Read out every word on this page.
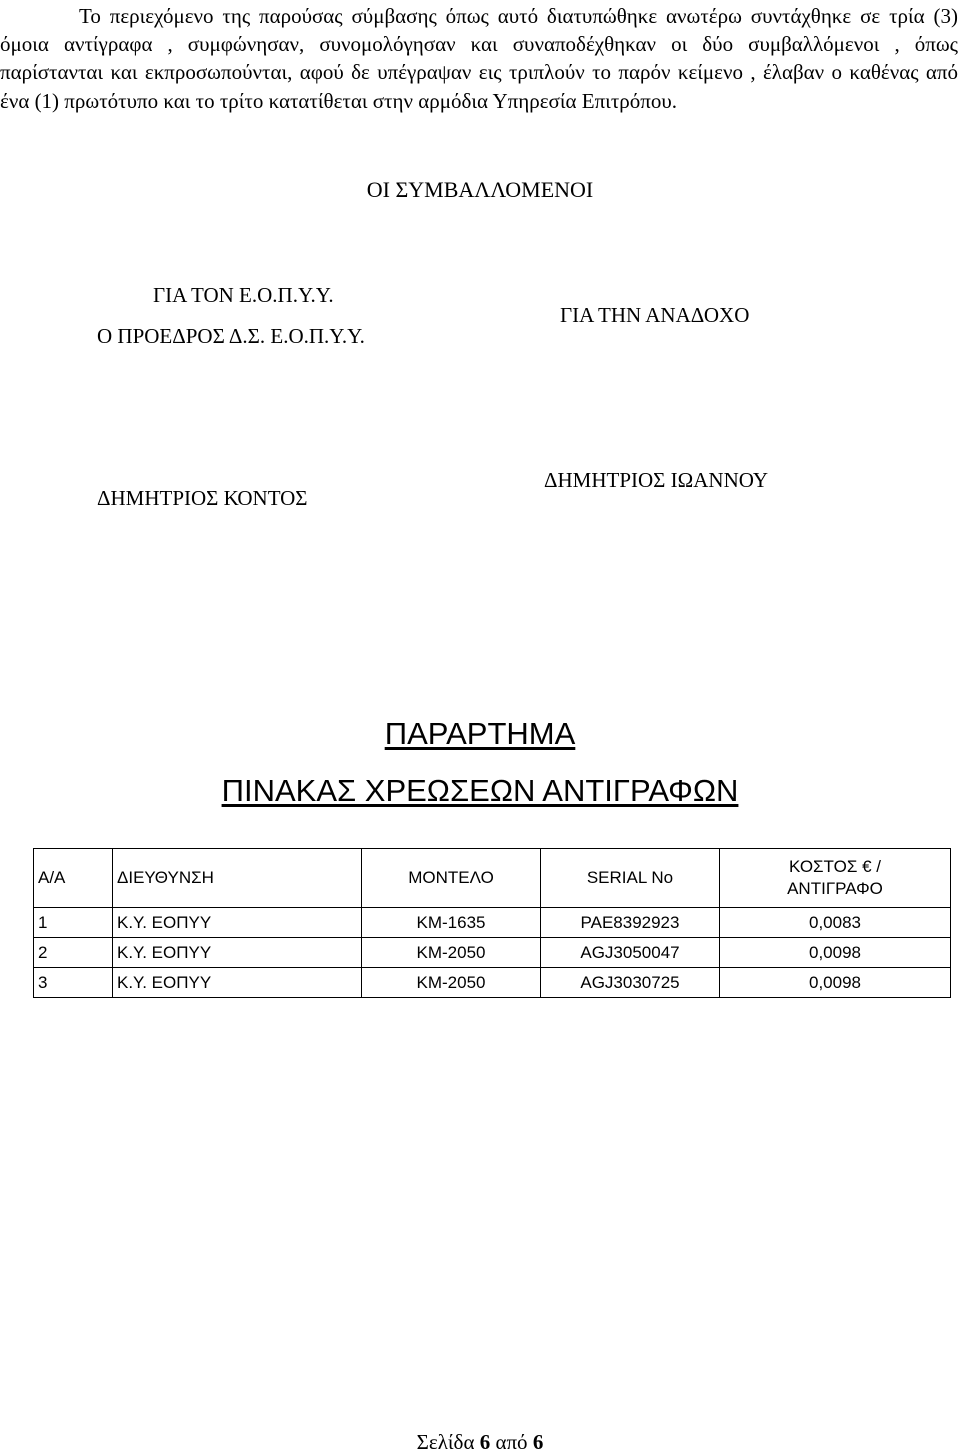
Το περιεχόμενο της παρούσας σύμβασης όπως αυτό διατυπώθηκε ανωτέρω συντάχθηκε σε τρία (3) όμοια αντίγραφα , συμφώνησαν, συνομολόγησαν και συναποδέχθηκαν οι δύο συμβαλλόμενοι , όπως παρίστανται και εκπροσωπούνται, αφού δε υπέγραψαν εις τριπλούν το παρόν κείμενο , έλαβαν ο καθένας από ένα (1) πρωτότυπο και το τρίτο κατατίθεται στην αρμόδια Υπηρεσία Επιτρόπου.

ΟΙ ΣΥΜΒΑΛΛΟΜΕΝΟΙ

ΓΙΑ ΤΟΝ Ε.Ο.Π.Υ.Υ.

Ο ΠΡΟΕΔΡΟΣ Δ.Σ. Ε.Ο.Π.Υ.Υ.

ΓΙΑ ΤΗΝ ΑΝΑΔΟΧΟ

ΔΗΜΗΤΡΙΟΣ ΚΟΝΤΟΣ

ΔΗΜΗΤΡΙΟΣ ΙΩΑΝΝΟΥ

ΠΑΡΑΡΤΗΜΑ

ΠΙΝΑΚΑΣ ΧΡΕΩΣΕΩΝ ΑΝΤΙΓΡΑΦΩΝ

Α/Α	ΔΙΕΥΘΥΝΣΗ	ΜΟΝΤΕΛΟ	SERIAL No	ΚΟΣΤΟΣ € /
ΑΝΤΙΓΡΑΦΟ
1	Κ.Υ. ΕΟΠΥΥ	KM-1635	PAE8392923	0,0083
2	Κ.Υ. ΕΟΠΥΥ	KM-2050	AGJ3050047	0,0098
3	Κ.Υ. ΕΟΠΥΥ	KM-2050	AGJ3030725	0,0098

Σελίδα 6 από 6
